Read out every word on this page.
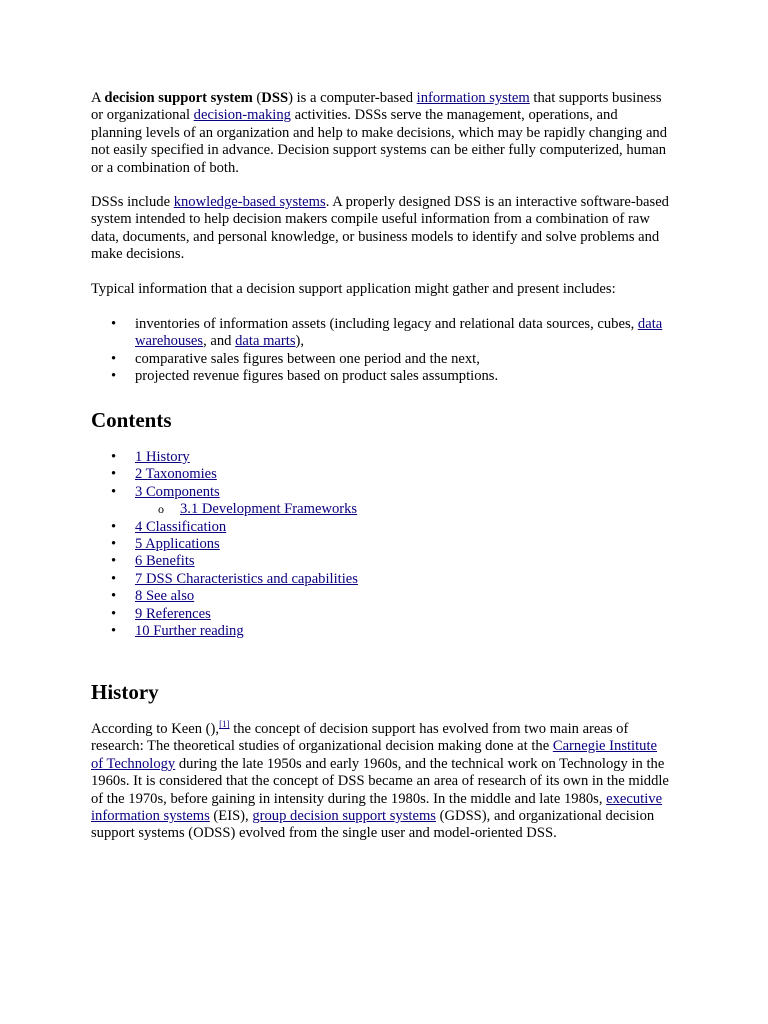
A decision support system (DSS) is a computer-based information system that supports business or organizational decision-making activities. DSSs serve the management, operations, and planning levels of an organization and help to make decisions, which may be rapidly changing and not easily specified in advance. Decision support systems can be either fully computerized, human or a combination of both.

DSSs include knowledge-based systems. A properly designed DSS is an interactive software-based system intended to help decision makers compile useful information from a combination of raw data, documents, and personal knowledge, or business models to identify and solve problems and make decisions.

Typical information that a decision support application might gather and present includes:

• inventories of information assets (including legacy and relational data sources, cubes, data warehouses, and data marts),
• comparative sales figures between one period and the next,
• projected revenue figures based on product sales assumptions.
Contents
• 1 History
• 2 Taxonomies
• 3 Components
o 3.1 Development Frameworks
• 4 Classification
• 5 Applications
• 6 Benefits
• 7 DSS Characteristics and capabilities
• 8 See also
• 9 References
• 10 Further reading
History

According to Keen (),[1] the concept of decision support has evolved from two main areas of research: The theoretical studies of organizational decision making done at the Carnegie Institute of Technology during the late 1950s and early 1960s, and the technical work on Technology in the 1960s. It is considered that the concept of DSS became an area of research of its own in the middle of the 1970s, before gaining in intensity during the 1980s. In the middle and late 1980s, executive information systems (EIS), group decision support systems (GDSS), and organizational decision support systems (ODSS) evolved from the single user and model-oriented DSS.
